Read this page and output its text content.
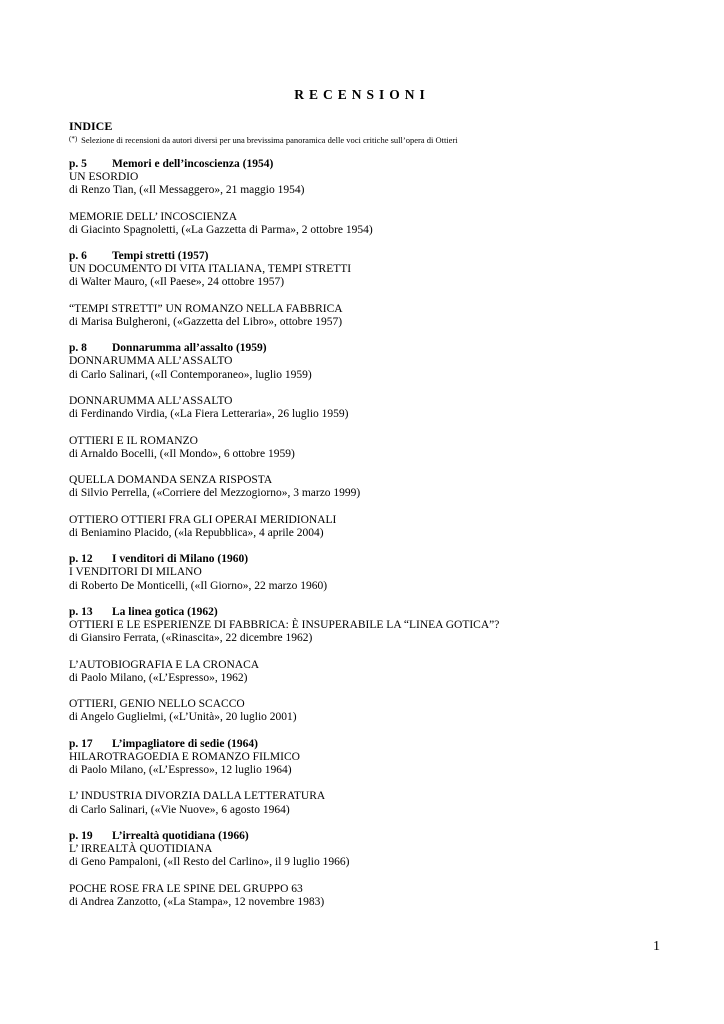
RECENSIONI
INDICE
(*) Selezione di recensioni da autori diversi per una brevissima panoramica delle voci critiche sull’opera di Ottieri
p. 5 Memori e dell’incoscienza (1954)
UN ESORDIO
di Renzo Tian, («Il Messaggero», 21 maggio 1954)
MEMORIE DELL’ INCOSCIENZA
di Giacinto Spagnoletti, («La Gazzetta di Parma», 2 ottobre 1954)
p. 6 Tempi stretti (1957)
UN DOCUMENTO DI VITA ITALIANA, TEMPI STRETTI
di Walter Mauro, («Il Paese», 24 ottobre 1957)
“TEMPI STRETTI” UN ROMANZO NELLA FABBRICA
di Marisa Bulgheroni, («Gazzetta del Libro», ottobre 1957)
p. 8 Donnarumma all’assalto (1959)
DONNARUMMA ALL’ASSALTO
di Carlo Salinari, («Il Contemporaneo», luglio 1959)
DONNARUMMA ALL’ASSALTO
di Ferdinando Virdia, («La Fiera Letteraria», 26 luglio 1959)
OTTIERI E IL ROMANZO
di Arnaldo Bocelli, («Il Mondo», 6 ottobre 1959)
QUELLA DOMANDA SENZA RISPOSTA
di Silvio Perrella, («Corriere del Mezzogiorno», 3 marzo 1999)
OTTIERO OTTIERI FRA GLI OPERAI MERIDIONALI
di Beniamino Placido, («la Repubblica», 4 aprile 2004)
p. 12 I venditori di Milano (1960)
I VENDITORI DI MILANO
di Roberto De Monticelli, («Il Giorno», 22 marzo 1960)
p. 13 La linea gotica (1962)
OTTIERI E LE ESPERIENZE DI FABBRICA: È INSUPERABILE LA “LINEA GOTICA”?
di Giansiro Ferrata, («Rinascita», 22 dicembre 1962)
L’AUTOBIOGRAFIA E LA CRONACA
di Paolo Milano, («L’Espresso», 1962)
OTTIERI, GENIO NELLO SCACCO
di Angelo Guglielmi, («L’Unità», 20 luglio 2001)
p. 17 L’impagliatore di sedie (1964)
HILAROTRAGOEDIA E ROMANZO FILMICO
di Paolo Milano, («L’Espresso», 12 luglio 1964)
L’ INDUSTRIA DIVORZIA DALLA LETTERATURA
di Carlo Salinari, («Vie Nuove», 6 agosto 1964)
p. 19 L’irrealtà quotidiana (1966)
L’ IRREALTÀ QUOTIDIANA
di Geno Pampaloni, («Il Resto del Carlino», il 9 luglio 1966)
POCHE ROSE FRA LE SPINE DEL GRUPPO 63
di Andrea Zanzotto, («La Stampa», 12 novembre 1983)
1
